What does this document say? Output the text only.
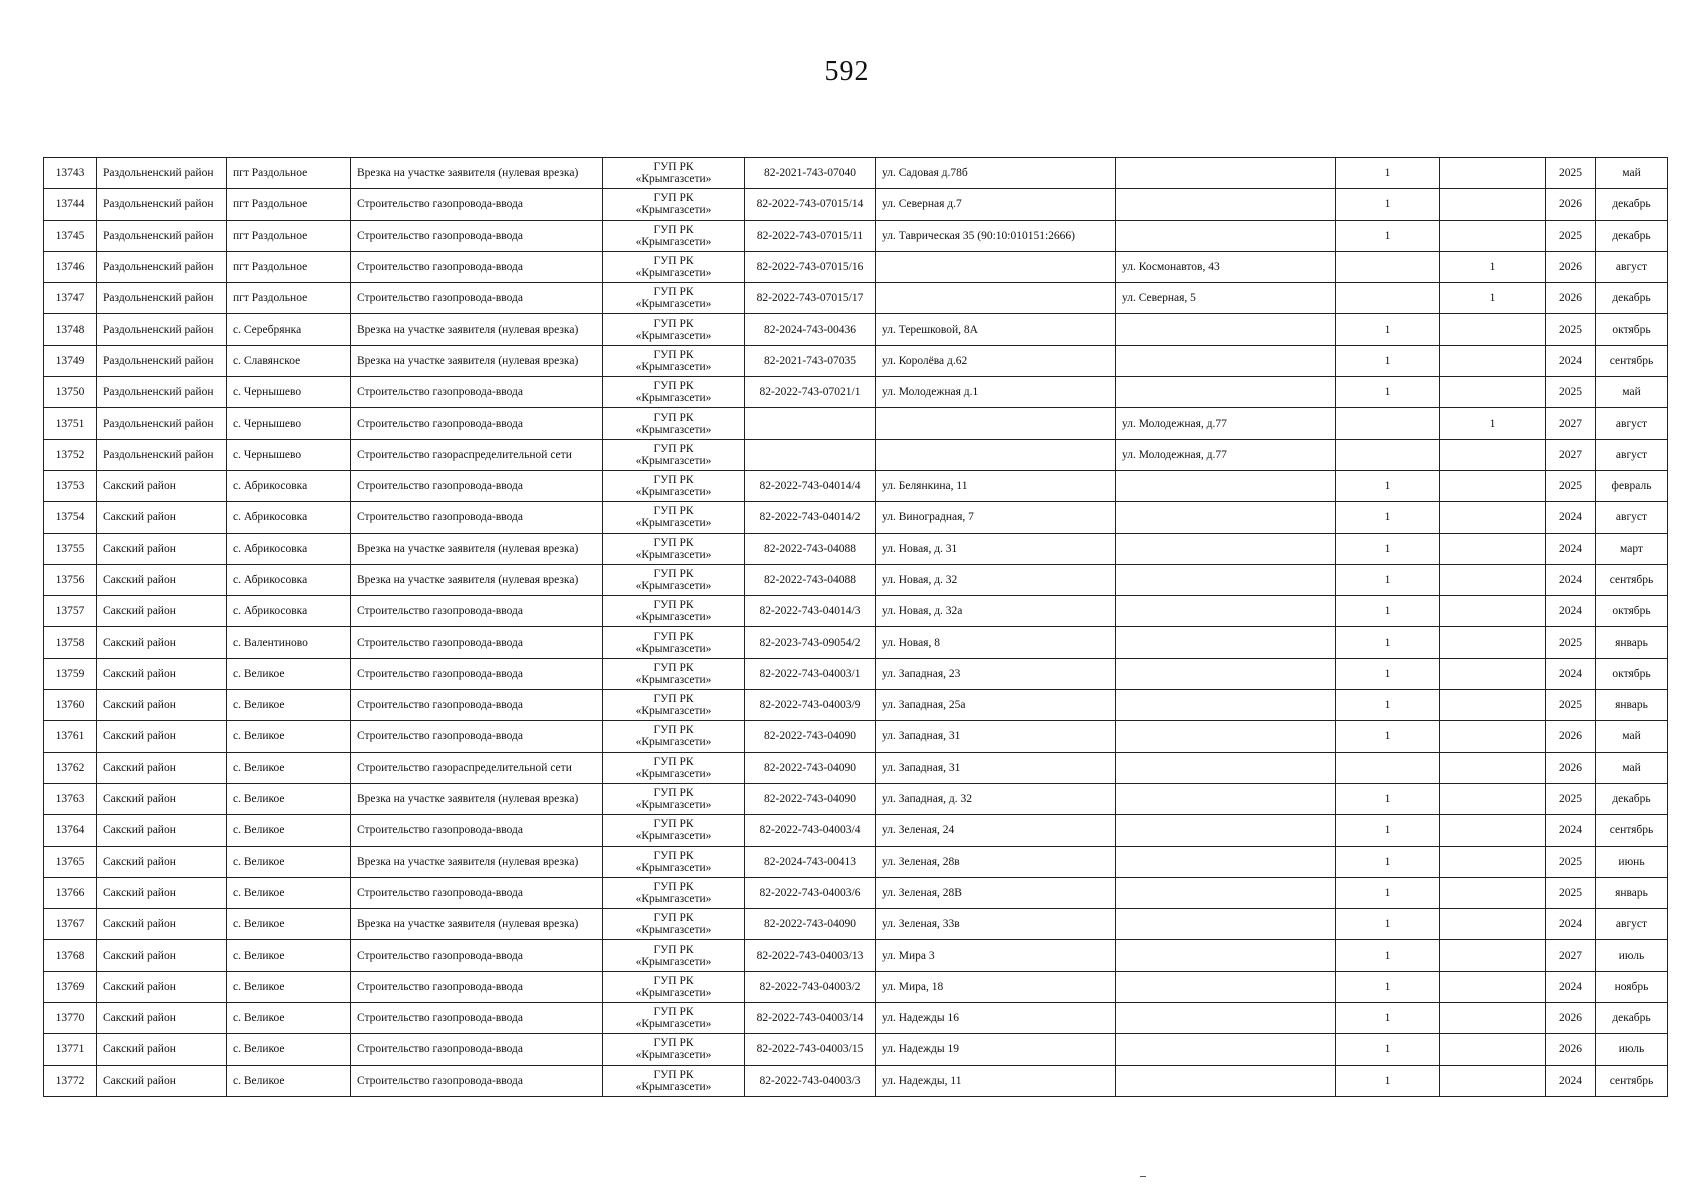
592
13743	Раздольненский район	пгт Раздольное	Врезка на участке заявителя (нулевая врезка)	ГУП РК
«Крымгазсети»	82-2021-743-07040	ул. Садовая д.78б		1		2025	май
13744	Раздольненский район	пгт Раздольное	Строительство газопровода-ввода	ГУП РК
«Крымгазсети»	82-2022-743-07015/14	ул. Северная д.7		1		2026	декабрь
13745	Раздольненский район	пгт Раздольное	Строительство газопровода-ввода	ГУП РК
«Крымгазсети»	82-2022-743-07015/11	ул. Таврическая 35 (90:10:010151:2666)		1		2025	декабрь
13746	Раздольненский район	пгт Раздольное	Строительство газопровода-ввода	ГУП РК
«Крымгазсети»	82-2022-743-07015/16		ул. Космонавтов, 43		1	2026	август
13747	Раздольненский район	пгт Раздольное	Строительство газопровода-ввода	ГУП РК
«Крымгазсети»	82-2022-743-07015/17		ул. Северная, 5		1	2026	декабрь
13748	Раздольненский район	с. Серебрянка	Врезка на участке заявителя (нулевая врезка)	ГУП РК
«Крымгазсети»	82-2024-743-00436	ул. Терешковой, 8А		1		2025	октябрь
13749	Раздольненский район	с. Славянское	Врезка на участке заявителя (нулевая врезка)	ГУП РК
«Крымгазсети»	82-2021-743-07035	ул. Королёва д.62		1		2024	сентябрь
13750	Раздольненский район	с. Чернышево	Строительство газопровода-ввода	ГУП РК
«Крымгазсети»	82-2022-743-07021/1	ул. Молодежная д.1		1		2025	май
13751	Раздольненский район	с. Чернышево	Строительство газопровода-ввода	ГУП РК
«Крымгазсети»			ул. Молодежная, д.77		1	2027	август
13752	Раздольненский район	с. Чернышево	Строительство газораспределительной сети	ГУП РК
«Крымгазсети»			ул. Молодежная, д.77			2027	август
13753	Сакский район	с. Абрикосовка	Строительство газопровода-ввода	ГУП РК
«Крымгазсети»	82-2022-743-04014/4	ул. Белянкина, 11		1		2025	февраль
13754	Сакский район	с. Абрикосовка	Строительство газопровода-ввода	ГУП РК
«Крымгазсети»	82-2022-743-04014/2	ул. Виноградная, 7		1		2024	август
13755	Сакский район	с. Абрикосовка	Врезка на участке заявителя (нулевая врезка)	ГУП РК
«Крымгазсети»	82-2022-743-04088	ул. Новая, д. 31		1		2024	март
13756	Сакский район	с. Абрикосовка	Врезка на участке заявителя (нулевая врезка)	ГУП РК
«Крымгазсети»	82-2022-743-04088	ул. Новая, д. 32		1		2024	сентябрь
13757	Сакский район	с. Абрикосовка	Строительство газопровода-ввода	ГУП РК
«Крымгазсети»	82-2022-743-04014/3	ул. Новая, д. 32а		1		2024	октябрь
13758	Сакский район	с. Валентиново	Строительство газопровода-ввода	ГУП РК
«Крымгазсети»	82-2023-743-09054/2	ул. Новая, 8		1		2025	январь
13759	Сакский район	с. Великое	Строительство газопровода-ввода	ГУП РК
«Крымгазсети»	82-2022-743-04003/1	ул. Западная, 23		1		2024	октябрь
13760	Сакский район	с. Великое	Строительство газопровода-ввода	ГУП РК
«Крымгазсети»	82-2022-743-04003/9	ул. Западная, 25а		1		2025	январь
13761	Сакский район	с. Великое	Строительство газопровода-ввода	ГУП РК
«Крымгазсети»	82-2022-743-04090	ул. Западная, 31		1		2026	май
13762	Сакский район	с. Великое	Строительство газораспределительной сети	ГУП РК
«Крымгазсети»	82-2022-743-04090	ул. Западная, 31				2026	май
13763	Сакский район	с. Великое	Врезка на участке заявителя (нулевая врезка)	ГУП РК
«Крымгазсети»	82-2022-743-04090	ул. Западная, д. 32		1		2025	декабрь
13764	Сакский район	с. Великое	Строительство газопровода-ввода	ГУП РК
«Крымгазсети»	82-2022-743-04003/4	ул. Зеленая, 24		1		2024	сентябрь
13765	Сакский район	с. Великое	Врезка на участке заявителя (нулевая врезка)	ГУП РК
«Крымгазсети»	82-2024-743-00413	ул. Зеленая, 28в		1		2025	июнь
13766	Сакский район	с. Великое	Строительство газопровода-ввода	ГУП РК
«Крымгазсети»	82-2022-743-04003/6	ул. Зеленая, 28В		1		2025	январь
13767	Сакский район	с. Великое	Врезка на участке заявителя (нулевая врезка)	ГУП РК
«Крымгазсети»	82-2022-743-04090	ул. Зеленая, 33в		1		2024	август
13768	Сакский район	с. Великое	Строительство газопровода-ввода	ГУП РК
«Крымгазсети»	82-2022-743-04003/13	ул. Мира 3		1		2027	июль
13769	Сакский район	с. Великое	Строительство газопровода-ввода	ГУП РК
«Крымгазсети»	82-2022-743-04003/2	ул. Мира, 18		1		2024	ноябрь
13770	Сакский район	с. Великое	Строительство газопровода-ввода	ГУП РК
«Крымгазсети»	82-2022-743-04003/14	ул. Надежды 16		1		2026	декабрь
13771	Сакский район	с. Великое	Строительство газопровода-ввода	ГУП РК
«Крымгазсети»	82-2022-743-04003/15	ул. Надежды 19		1		2026	июль
13772	Сакский район	с. Великое	Строительство газопровода-ввода	ГУП РК
«Крымгазсети»	82-2022-743-04003/3	ул. Надежды, 11		1		2024	сентябрь
